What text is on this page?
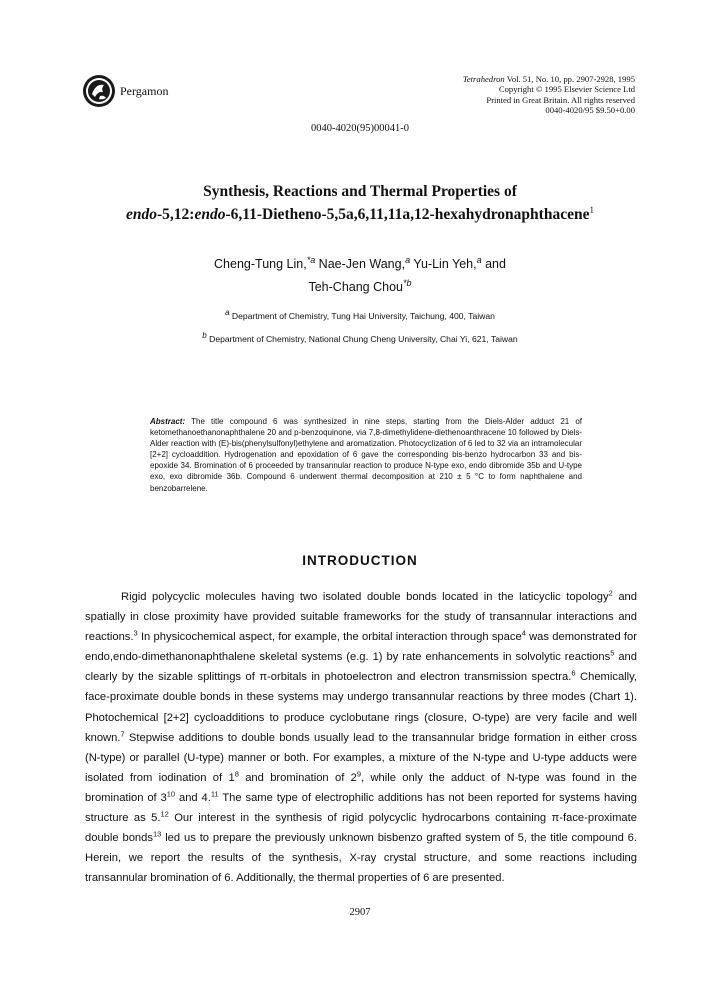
Pergamon
Tetrahedron Vol. 51, No. 10, pp. 2907-2928, 1995
Copyright © 1995 Elsevier Science Ltd
Printed in Great Britain. All rights reserved
0040-4020/95 $9.50+0.00
0040-4020(95)00041-0
Synthesis, Reactions and Thermal Properties of
endo-5,12:endo-6,11-Dietheno-5,5a,6,11,11a,12-hexahydronaphthacene$^1$
Cheng-Tung Lin,$^{*a}$ Nae-Jen Wang,$^a$ Yu-Lin Yeh,$^a$ and
Teh-Chang Chou$^{*b}$
$^a$ Department of Chemistry, Tung Hai University, Taichung, 400, Taiwan
$^b$ Department of Chemistry, National Chung Cheng University, Chai Yi, 621, Taiwan
Abstract: The title compound 6 was synthesized in nine steps, starting from the Diels-Alder adduct 21 of ketomethanoethanonaphthalene 20 and p-benzoquinone, via 7,8-dimethylidene-diethenoanthracene 10 followed by Diels-Alder reaction with (E)-bis(phenylsulfonyl)ethylene and aromatization. Photocyclization of 6 led to 32 via an intramolecular [2+2] cycloaddition. Hydrogenation and epoxidation of 6 gave the corresponding bis-benzo hydrocarbon 33 and bis-epoxide 34. Bromination of 6 proceeded by transannular reaction to produce N-type exo, endo dibromide 35b and U-type exo, exo dibromide 36b. Compound 6 underwent thermal decomposition at 210 ± 5 °C to form naphthalene and benzobarrelene.
INTRODUCTION
Rigid polycyclic molecules having two isolated double bonds located in the laticyclic topology$^2$ and spatially in close proximity have provided suitable frameworks for the study of transannular interactions and reactions.$^3$ In physicochemical aspect, for example, the orbital interaction through space$^4$ was demonstrated for endo,endo-dimethanonaphthalene skeletal systems (e.g. 1) by rate enhancements in solvolytic reactions$^5$ and clearly by the sizable splittings of π-orbitals in photoelectron and electron transmission spectra.$^6$ Chemically, face-proximate double bonds in these systems may undergo transannular reactions by three modes (Chart 1). Photochemical [2+2] cycloadditions to produce cyclobutane rings (closure, O-type) are very facile and well known.$^7$ Stepwise additions to double bonds usually lead to the transannular bridge formation in either cross (N-type) or parallel (U-type) manner or both. For examples, a mixture of the N-type and U-type adducts were isolated from iodination of $1^8$ and bromination of $2^9$, while only the adduct of N-type was found in the bromination of $3^{10}$ and 4.11 The same type of electrophilic additions has not been reported for systems having structure as 5.12 Our interest in the synthesis of rigid polycyclic hydrocarbons containing π-face-proximate double bonds$^{13}$ led us to prepare the previously unknown bisbenzo grafted system of 5, the title compound 6. Herein, we report the results of the synthesis, X-ray crystal structure, and some reactions including transannular bromination of 6. Additionally, the thermal properties of 6 are presented.
2907
